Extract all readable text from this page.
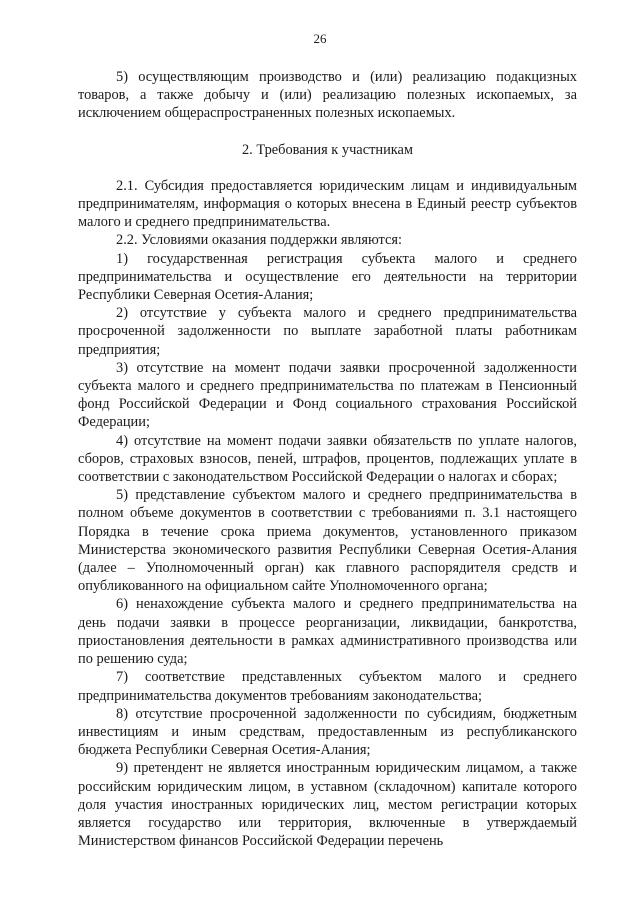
26

5) осуществляющим производство и (или) реализацию подакцизных товаров, а также добычу и (или) реализацию полезных ископаемых, за исключением общераспространенных полезных ископаемых.

2. Требования к участникам

2.1. Субсидия предоставляется юридическим лицам и индивидуальным предпринимателям, информация о которых внесена в Единый реестр субъектов малого и среднего предпринимательства.

2.2. Условиями оказания поддержки являются:

1) государственная регистрация субъекта малого и среднего предпринимательства и осуществление его деятельности на территории Республики Северная Осетия-Алания;

2) отсутствие у субъекта малого и среднего предпринимательства просроченной задолженности по выплате заработной платы работникам предприятия;

3) отсутствие на момент подачи заявки просроченной задолженности субъекта малого и среднего предпринимательства по платежам в Пенсионный фонд Российской Федерации и Фонд социального страхования Российской Федерации;

4) отсутствие на момент подачи заявки обязательств по уплате налогов, сборов, страховых взносов, пеней, штрафов, процентов, подлежащих уплате в соответствии с законодательством Российской Федерации о налогах и сборах;

5) представление субъектом малого и среднего предпринимательства в полном объеме документов в соответствии с требованиями п. 3.1 настоящего Порядка в течение срока приема документов, установленного приказом Министерства экономического развития Республики Северная Осетия-Алания (далее – Уполномоченный орган) как главного распорядителя средств и опубликованного на официальном сайте Уполномоченного органа;

6) ненахождение субъекта малого и среднего предпринимательства на день подачи заявки в процессе реорганизации, ликвидации, банкротства, приостановления деятельности в рамках административного производства или по решению суда;

7) соответствие представленных субъектом малого и среднего предпринимательства документов требованиям законодательства;

8) отсутствие просроченной задолженности по субсидиям, бюджетным инвестициям и иным средствам, предоставленным из республиканского бюджета Республики Северная Осетия-Алания;

9) претендент не является иностранным юридическим лицамом, а также российским юридическим лицом, в уставном (складочном) капитале которого доля участия иностранных юридических лиц, местом регистрации которых является государство или территория, включенные в утверждаемый Министерством финансов Российской Федерации перечень
